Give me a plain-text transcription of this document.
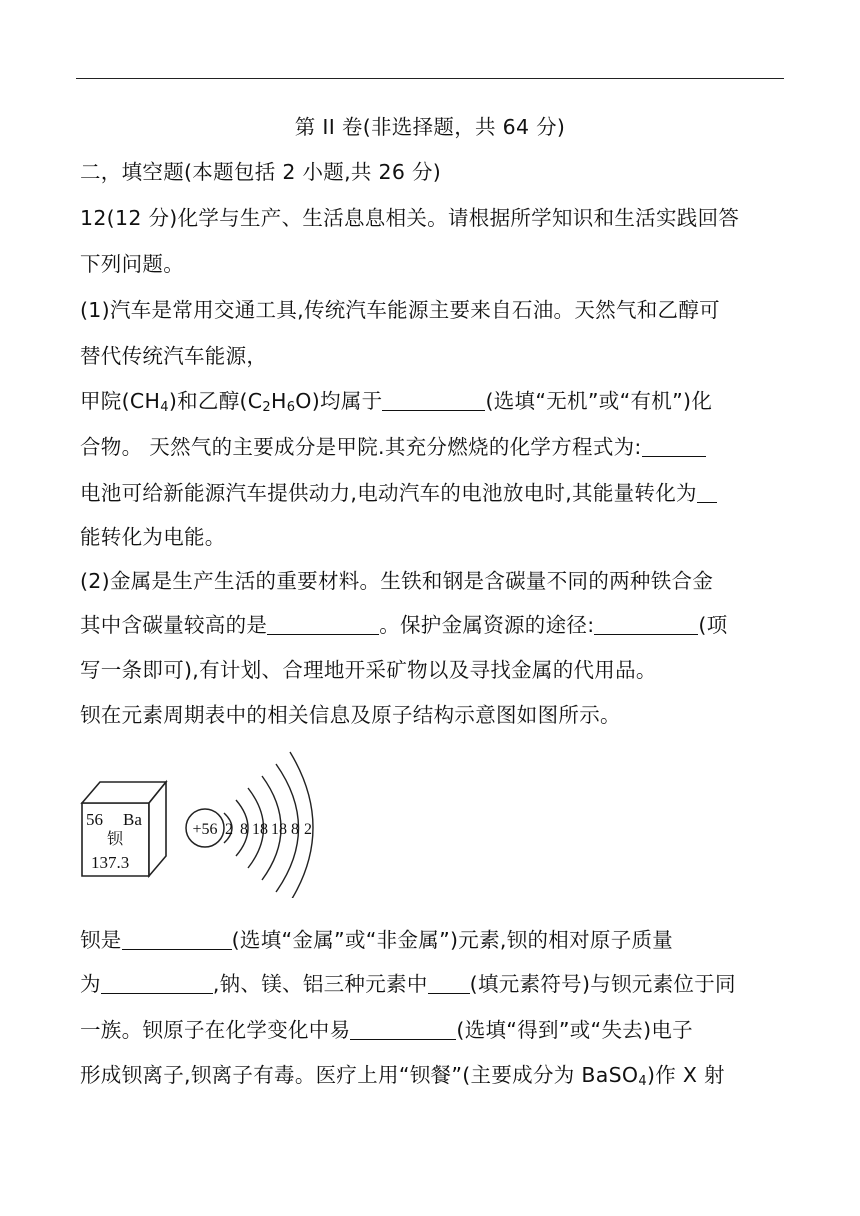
第 II 卷(非选择题，共 64 分)
二，填空题(本题包括 2 小题,共 26 分)
12(12 分)化学与生产、生活息息相关。请根据所学知识和生活实践回答
下列问题。
(1)汽车是常用交通工具,传统汽车能源主要来自石油。天然气和乙醇可
替代传统汽车能源，
甲院$(CH_4)$和乙醇$(C_2H_6O)$均属于	(选填“无机”或“有机”)化
合物。 天然气的主要成分是甲院.其充分燃烧的化学方程式为:
电池可给新能源汽车提供动力,电动汽车的电池放电时,其能量转化为
能转化为电能。
(2)金属是生产生活的重要材料。生铁和钢是含碳量不同的两种铁合金
其中含碳量较高的是	。保护金属资源的途径:	(项
写一条即可),有计划、合理地开采矿物以及寻找金属的代用品。
钡在元素周期表中的相关信息及原子结构示意图如图所示。
56 Ba
钡
137.3
+56 2 8 18 18 8 2
钡是	(选填“金属”或“非金属”)元素,钡的相对原子质量
为	,钠、镁、铝三种元素中 (填元素符号)与钡元素位于同
一族。钡原子在化学变化中易	(选填“得到”或“失去)电子
形成钡离子,钡离子有毒。医疗上用“钡餐”(主要成分为 BaSO$_4$)作 X 射
